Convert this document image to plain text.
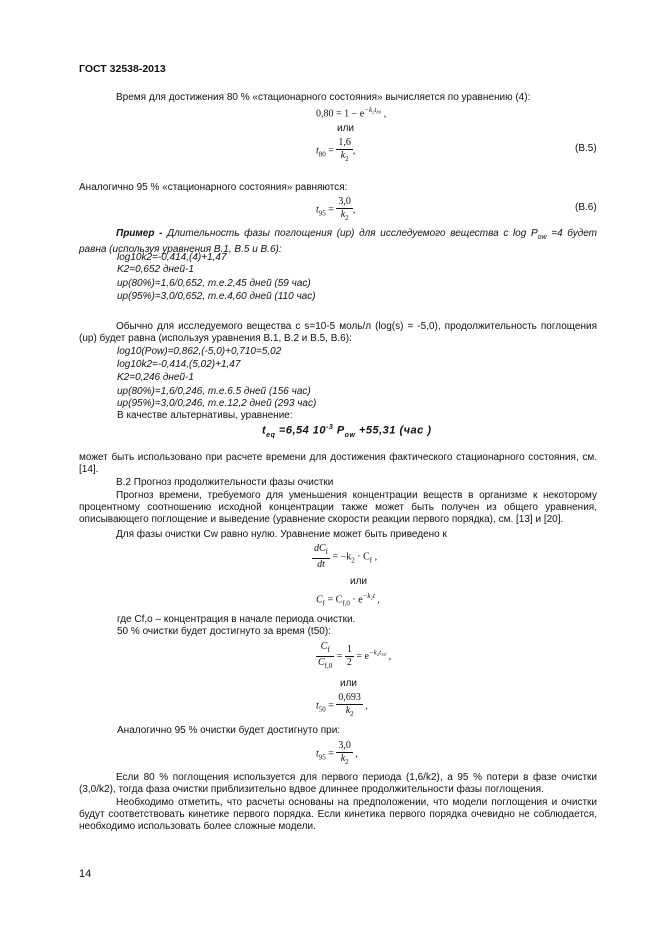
ГОСТ 32538-2013
Время для достижения 80 % «стационарного состояния» вычисляется по уравнению (4):
$0,80 = 1 - e^{-k_2t_{80}}$ ,
или
$t_{80} = \frac{1,6}{k_2}$ ,	(В.5)
Аналогично 95 % «стационарного состояния» равняются:
$t_{95} = \frac{3,0}{k_2}$ ,	(В.6)
Пример - Длительность фазы поглощения (up) для исследуемого вещества с $\log P_{ow} =4$ будет равна (используя уравнения В.1, В.5 и В.6):
log10k2=-0,414,(4)+1,47
K2=0,652 дней-1
up(80%)=1,6/0,652, т.е.2,45 дней (59 час)
up(95%)=3,0/0,652, т.е.4,60 дней (110 час)
Обычно для исследуемого вещества с s=10-5 моль/л (log(s) = -5,0), продолжительность поглощения (up) будет равна (используя уравнения В.1, В.2 и В.5, В.6):
log10(Pow)=0,862,(-5,0)+0,710=5,02
log10k2=-0,414,(5,02)+1,47
K2=0,246 дней-1
up(80%)=1,6/0,246, т.е.6.5 дней (156 час)
up(95%)=3,0/0,246, т.е.12,2 дней (293 час)
В качестве альтернативы, уравнение:
$t_{eq} =6,54$ $10^{-3}$ $P_{ow} +55,31$ (час )
может быть использовано при расчете времени для достижения фактического стационарного состояния, см. [14].
В.2 Прогноз продолжительности фазы очистки
Прогноз времени, требуемого для уменьшения концентрации веществ в организме к некоторому процентному соотношению исходной концентрации также может быть получен из общего уравнения, описывающего поглощение и выведение (уравнение скорости реакции первого порядка), см. [13] и [20].
Для фазы очистки Cw равно нулю. Уравнение может быть приведено к
$\frac{dC_f}{dt} = -k_2 \cdot C_f$ ,
или
$C_f = C_{f,0} \cdot e^{-k_2t}$ ,
где Cf,o – концентрация в начале периода очистки.
50 % очистки будет достигнуто за время (t50):
$\frac{C_f}{C_{f,0}} = \frac{1}{2} = e^{-k_2t_{50}}$ ,
или
$t_{50} = \frac{0,693}{k_2}$ ,
Аналогично 95 % очистки будет достигнуто при:
$t_{95} = \frac{3,0}{k_2}$ ,
Если 80 % поглощения используется для первого периода (1,6/k2), а 95 % потери в фазе очистки (3,0/k2), тогда фаза очистки приблизительно вдвое длиннее продолжительности фазы поглощения.
Необходимо отметить, что расчеты основаны на предположении, что модели поглощения и очистки будут соответствовать кинетике первого порядка. Если кинетика первого порядка очевидно не соблюдается, необходимо использовать более сложные модели.
14
